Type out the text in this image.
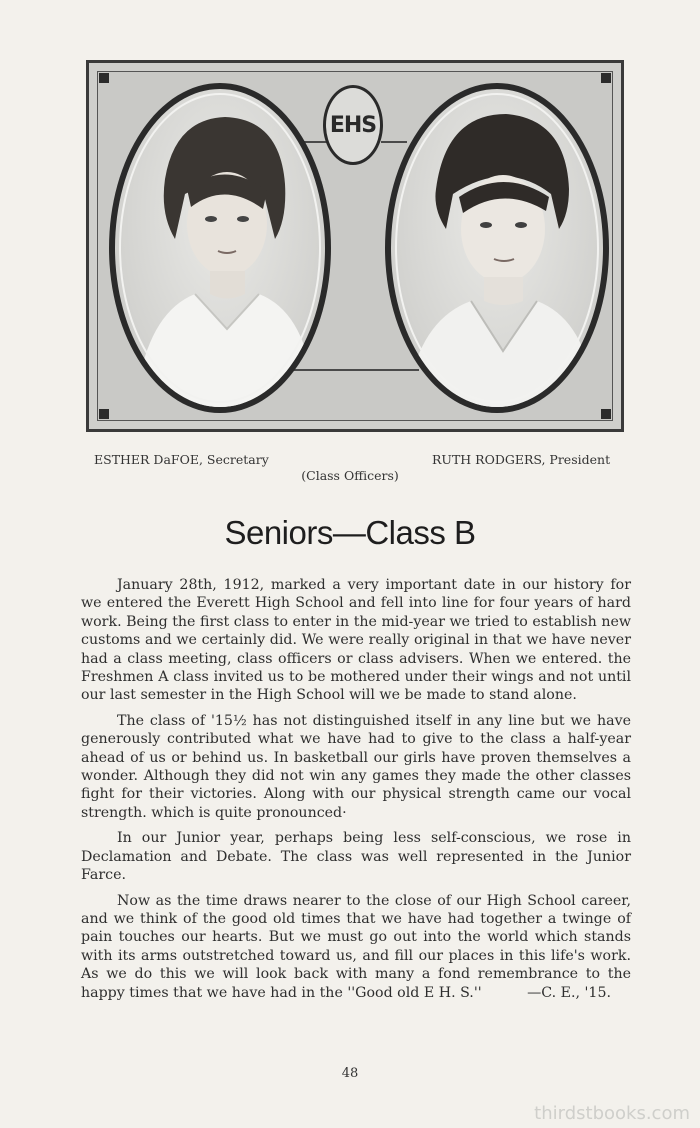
EHS
ESTHER DaFOE, Secretary	RUTH RODGERS, President
(Class Officers)
Seniors—Class B

January 28th, 1912, marked a very important date in our history for we entered the Everett High School and fell into line for four years of hard work. Being the first class to enter in the mid-year we tried to establish new customs and we certainly did. We were really original in that we have never had a class meeting, class officers or class advisers. When we entered. the Freshmen A class invited us to be mothered under their wings and not until our last semester in the High School will we be made to stand alone.

The class of '15½ has not distinguished itself in any line but we have generously contributed what we have had to give to the class a half-year ahead of us or behind us. In basketball our girls have proven themselves a wonder. Although they did not win any games they made the other classes fight for their victories. Along with our physical strength came our vocal strength. which is quite pronounced·

In our Junior year, perhaps being less self-conscious, we rose in Declamation and Debate. The class was well represented in the Junior Farce.

Now as the time draws nearer to the close of our High School career, and we think of the good old times that we have had together a twinge of pain touches our hearts. But we must go out into the world which stands with its arms outstretched toward us, and fill our places in this life's work. As we do this we will look back with many a fond remembrance to the happy times that we have had in the ''Good old E H. S.''	—C. E., '15.

48
thirdstbooks.com
